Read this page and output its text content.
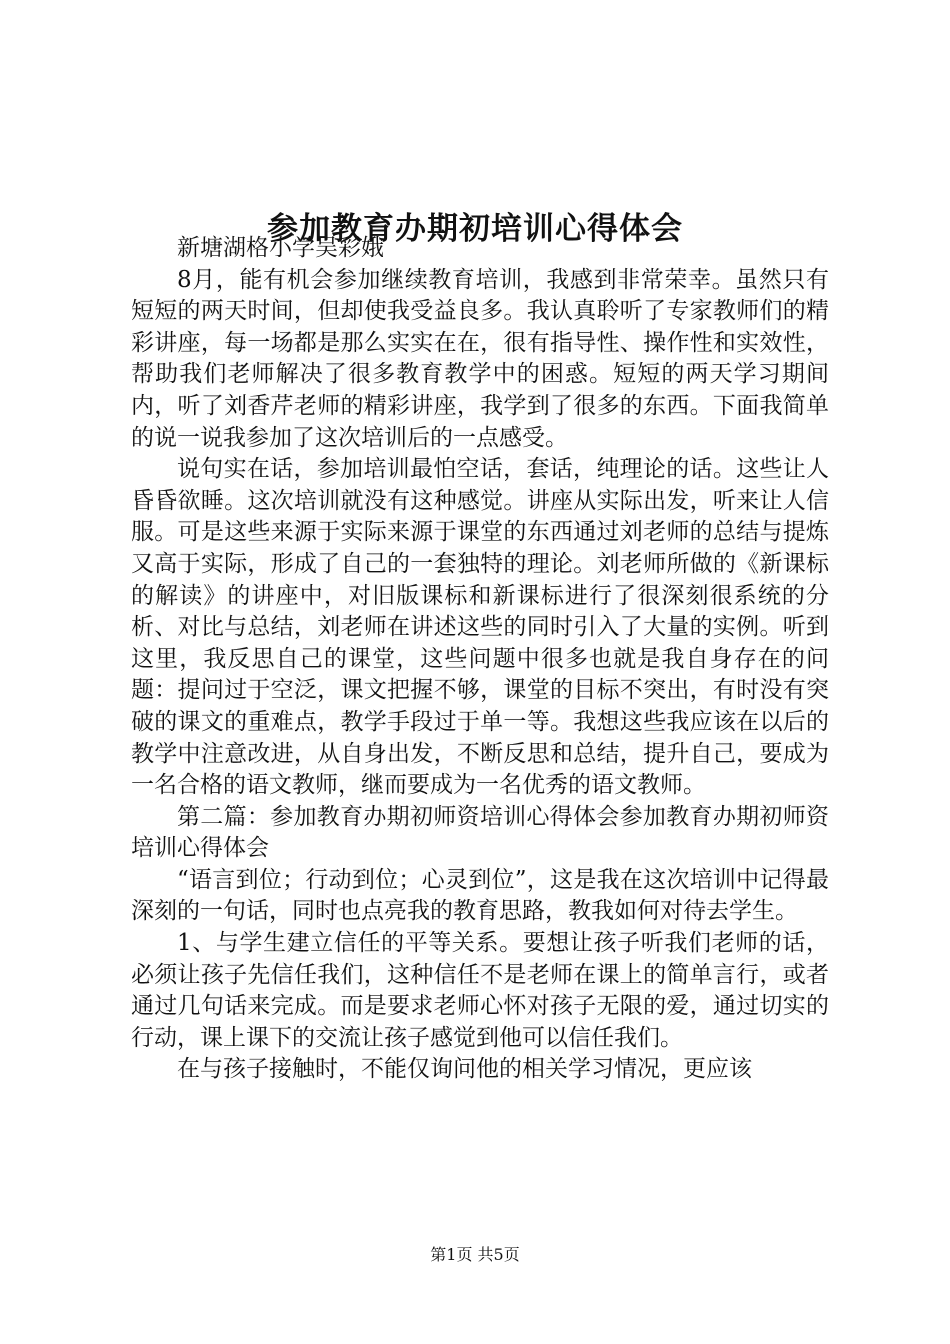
参加教育办期初培训心得体会

新塘湖格小学吴彩娥

8月，能有机会参加继续教育培训，我感到非常荣幸。虽然只有短短的两天时间，但却使我受益良多。我认真聆听了专家教师们的精彩讲座，每一场都是那么实实在在，很有指导性、操作性和实效性，帮助我们老师解决了很多教育教学中的困惑。短短的两天学习期间内，听了刘香芹老师的精彩讲座，我学到了很多的东西。下面我简单的说一说我参加了这次培训后的一点感受。

说句实在话，参加培训最怕空话，套话，纯理论的话。这些让人昏昏欲睡。这次培训就没有这种感觉。讲座从实际出发，听来让人信服。可是这些来源于实际来源于课堂的东西通过刘老师的总结与提炼又高于实际，形成了自己的一套独特的理论。刘老师所做的《新课标的解读》的讲座中，对旧版课标和新课标进行了很深刻很系统的分析、对比与总结，刘老师在讲述这些的同时引入了大量的实例。听到这里，我反思自己的课堂，这些问题中很多也就是我自身存在的问题：提问过于空泛，课文把握不够，课堂的目标不突出，有时没有突破的课文的重难点，教学手段过于单一等。我想这些我应该在以后的教学中注意改进，从自身出发，不断反思和总结，提升自己，要成为一名合格的语文教师，继而要成为一名优秀的语文教师。

第二篇：参加教育办期初师资培训心得体会参加教育办期初师资培训心得体会

“语言到位；行动到位；心灵到位”，这是我在这次培训中记得最深刻的一句话，同时也点亮我的教育思路，教我如何对待去学生。

1、与学生建立信任的平等关系。要想让孩子听我们老师的话，必须让孩子先信任我们，这种信任不是老师在课上的简单言行，或者通过几句话来完成。而是要求老师心怀对孩子无限的爱，通过切实的行动，课上课下的交流让孩子感觉到他可以信任我们。

在与孩子接触时，不能仅询问他的相关学习情况，更应该

第1页 共5页
